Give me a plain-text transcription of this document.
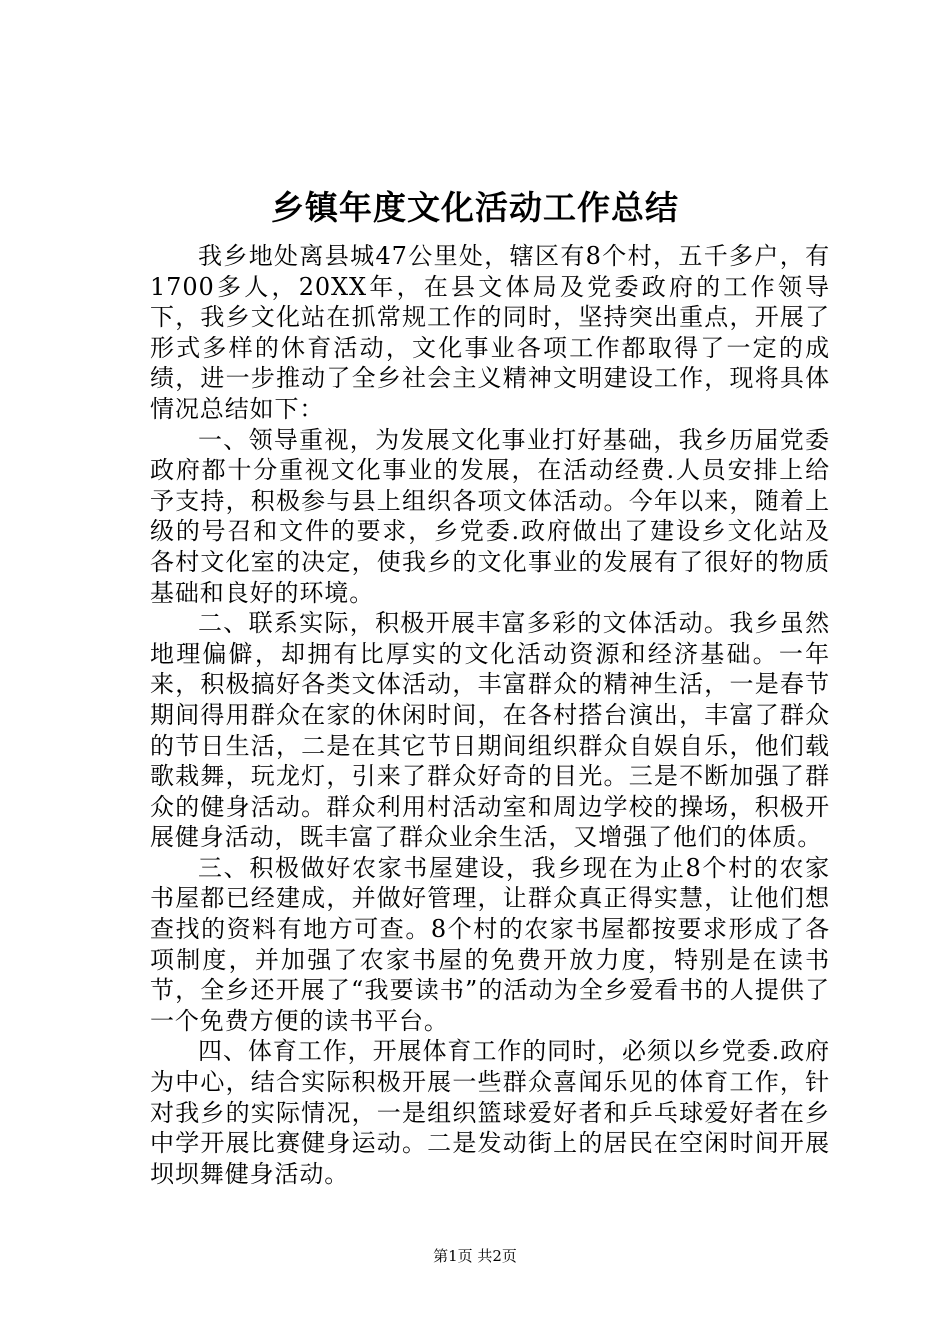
乡镇年度文化活动工作总结

我乡地处离县城47公里处，辖区有8个村，五千多户，有1700多人，20XX年，在县文体局及党委政府的工作领导下，我乡文化站在抓常规工作的同时，坚持突出重点，开展了形式多样的休育活动，文化事业各项工作都取得了一定的成绩，进一步推动了全乡社会主义精神文明建设工作，现将具体情况总结如下：

一、领导重视，为发展文化事业打好基础，我乡历届党委政府都十分重视文化事业的发展，在活动经费.人员安排上给予支持，积极参与县上组织各项文体活动。今年以来，随着上级的号召和文件的要求，乡党委.政府做出了建设乡文化站及各村文化室的决定，使我乡的文化事业的发展有了很好的物质基础和良好的环境。

二、联系实际，积极开展丰富多彩的文体活动。我乡虽然地理偏僻，却拥有比厚实的文化活动资源和经济基础。一年来，积极搞好各类文体活动，丰富群众的精神生活，一是春节期间得用群众在家的休闲时间，在各村搭台演出，丰富了群众的节日生活，二是在其它节日期间组织群众自娱自乐，他们载歌栽舞，玩龙灯，引来了群众好奇的目光。三是不断加强了群众的健身活动。群众利用村活动室和周边学校的操场，积极开展健身活动，既丰富了群众业余生活，又增强了他们的体质。

三、积极做好农家书屋建设，我乡现在为止8个村的农家书屋都已经建成，并做好管理，让群众真正得实慧，让他们想查找的资料有地方可查。8个村的农家书屋都按要求形成了各项制度，并加强了农家书屋的免费开放力度，特别是在读书节，全乡还开展了“我要读书”的活动为全乡爱看书的人提供了一个免费方便的读书平台。

四、体育工作，开展体育工作的同时，必须以乡党委.政府为中心，结合实际积极开展一些群众喜闻乐见的体育工作，针对我乡的实际情况，一是组织篮球爱好者和乒乓球爱好者在乡中学开展比赛健身运动。二是发动街上的居民在空闲时间开展坝坝舞健身活动。

第1页 共2页
